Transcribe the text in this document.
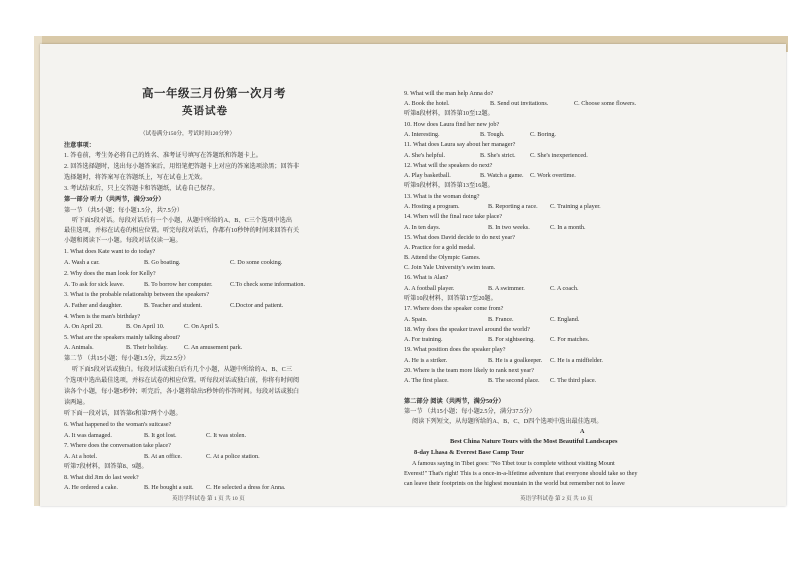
高一年级三月份第一次月考
英语试卷
（试卷满分150分，考试时间120分钟）
注意事项：
1. 答卷前，考生务必将自己的姓名、准考证号填写在答题纸和答题卡上。
2. 回答选择题时，选出每小题答案后，用铅笔把答题卡上对应的答案选项涂黑；回答非
选择题时，将答案写在答题纸上，写在试卷上无效。
3. 考试结束后，只上交答题卡和答题纸，试卷自己保存。
第一部分 听力（共两节，满分30分）
第一节 （共5小题；每小题1.5分，共7.5分）
听下面5段对话。每段对话后有一个小题，从题中所给的A、B、C三个选项中选出
最佳选项，并标在试卷的相应位置。听完每段对话后，你都有10秒钟的时间来回答有关
小题和阅读下一小题。每段对话仅读一遍。
1. What does Kate want to do today?
A. Wash a car.	B. Go boating.	C. Do some cooking.
2. Why does the man look for Kelly?
A. To ask for sick leave.	B. To borrow her computer.	C.To check some information.
3. What is the probable relationship between the speakers?
A. Father and daughter.	B. Teacher and student.	C.Doctor and patient.
4. When is the man's birthday?
A. On April 20.	B. On April 10.	C. On April 5.
5. What are the speakers mainly talking about?
A. Animals.	B. Their holiday.	C. An amusement park.
第二节 （共15小题；每小题1.5分，共22.5分）
听下面5段对话或独白。每段对话或独白后有几个小题，从题中所给的A、B、C三
个选项中选出最佳选项，并标在试卷的相应位置。听每段对话或独白前，你将有时间阅
读各个小题，每小题5秒钟；听完后，各小题将给出5秒钟的作答时间。每段对话或独白
读两遍。
听下面一段对话，回答第6和第7两个小题。
6. What happened to the woman's suitcase?
A. It was damaged.	B. It got lost.	C. It was stolen.
7. Where does the conversation take place?
A. At a hotel.	B. At an office.	C. At a police station.
听第7段材料，回答第8、9题。
8. What did Jim do last week?
A. He ordered a cake.	B. He bought a suit. C. He selected a dress for Anna.
英语学科试卷 第 1 页 共 10 页
9. What will the man help Anna do?
A. Book the hotel.	B. Send out invitations.	C. Choose some flowers.
听第8段材料，回答第10至12题。
10. How does Laura find her new job?
A. Interesting.	B. Tough.	C. Boring.
11. What does Laura say about her manager?
A. She's helpful.	B. She's strict. C. She's inexperienced.
12. What will the speakers do next?
A. Play basketball.	B. Watch a game. C. Work overtime.
听第9段材料，回答第13至16题。
13. What is the woman doing?
A. Hosting a program.	B. Reporting a race. C. Training a player.
14. When will the final race take place?
A. In ten days.	B. In two weeks.	C. In a month.
15. What does David decide to do next year?
A. Practice for a gold medal.
B. Attend the Olympic Games.
C. Join Yale University's swim team.
16. What is Alan?
A. A football player.	B. A swimmer.	C. A coach.
听第10段材料，回答第17至20题。
17. Where does the speaker come from?
A. Spain.	B. France.	C. England.
18. Why does the speaker travel around the world?
A. For training.	B. For sightseeing. C. For matches.
19. What position does the speaker play?
A. He is a striker.	B. He is a goalkeeper. C. He is a midfielder.
20. Where is the team more likely to rank next year?
A. The first place.	B. The second place. C. The third place.
第二部分 阅读（共两节，满分50分）
第一节 （共15小题；每小题2.5分，满分37.5分）
阅读下列短文，从每题所给的A、B、C、D四个选项中选出最佳选项。
A
Best China Nature Tours with the Most Beautiful Landscapes
8-day Lhasa & Everest Base Camp Tour
A famous saying in Tibet goes: "No Tibet tour is complete without visiting Mount
Everest!" That's right! This is a once-in-a-lifetime adventure that everyone should take so they
can leave their footprints on the highest mountain in the world but remember not to leave
英语学科试卷 第 2 页 共 10 页
